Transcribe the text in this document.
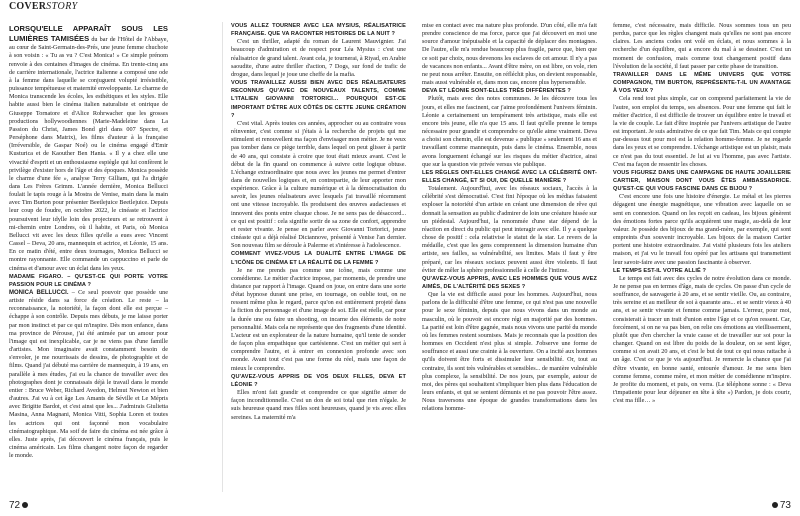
COVERSTORY

LORSQU'ELLE APPARAÎT SOUS LES LUMIÈRES TAMISÉES du bar de l'Hôtel de l'Abbaye, au cœur de Saint-Germain-des-Prés, une jeune femme chuchote à son voisin : « Tu as vu ? C'est Monica! » Ce simple prénom renvoie à des centaines d'images de cinéma. En trente-cinq ans de carrière internationale, l'actrice italienne a composé une ode à la femme dans laquelle se conjuguent volupté irrésistible, puissance tempétueuse et maternité enveloppante. Le charme de Monica transcende les écoles, les esthétiques et les styles. Elle habite aussi bien le cinéma italien naturaliste et onirique de Giuseppe Tornatore et d'Alice Rohrwacher que les grosses productions hollywoodiennes (Marie-Madeleine dans La Passion du Christ, James Bond girl dans 007 Spectre, et Perséphone dans Matrix), les films d'auteur à la française (Irréversible, de Gaspar Noé) ou le cinéma engagé d'Emir Kusturica et de Kaouther Ben Hania. « Il y a chez elle une vivacité d'esprit et un enthousiasme espiègle qui lui confèrent le privilège d'exister hors de l'âge et des époques. Monica possède le charme d'une fée », analyse Terry Gilliam, qui l'a dirigée dans Les Frères Grimm. L'année dernière, Monica Bellucci foulait le tapis rouge à la Mostra de Venise, main dans la main avec Tim Burton pour présenter Beetlejuice Beetlejuice. Depuis leur coup de foudre, en octobre 2022, le cinéaste et l'actrice poursuivent leur idylle loin des projecteurs et se retrouvent à mi-chemin entre Londres, où il habite, et Paris, où Monica Bellucci vit avec les deux filles qu'elle a eues avec Vincent Cassel – Deva, 20 ans, mannequin et actrice, et Léonie, 15 ans. En ce matin d'été, entre deux tournages, Monica Bellucci se montre rayonnante. Elle commande un cappuccino et parle de cinéma et d'amour avec un éclat dans les yeux.

MADAME FIGARO. – QU'EST-CE QUI PORTE VOTRE PASSION POUR LE CINÉMA ?

MONICA BELLUCCI. – Ce seul pouvoir que possède une artiste réside dans sa force de création. Le reste – la reconnaissance, la notoriété, la façon dont elle est perçue – échappe à son contrôle. Depuis mes débuts, je me laisse porter par mon instinct et par ce qui m'inspire. Dès mon enfance, dans ma province de Pérouse, j'ai été animée par un amour pour l'image qui est inexplicable, car je ne viens pas d'une famille d'artistes. Mon imaginaire avait constamment besoin de s'envoler, je me nourrissais de dessins, de photographie et de films. Quand j'ai débuté ma carrière de mannequin, à 19 ans, en parallèle à mes études, j'ai eu la chance de travailler avec des photographes dont je connaissais déjà le travail dans le monde entier : Bruce Weber, Richard Avedon, Helmut Newton et bien d'autres. J'ai vu à cet âge Les Amants de Séville et Le Mépris avec Brigitte Bardot, et c'est ainsi que les... J'admirais Giulietta Masina, Anna Magnani, Monica Vitti, Sophia Loren et toutes les actrices qui ont façonné mon vocabulaire cinématographique. Ma soif de faire du cinéma est née grâce à elles. Juste après, j'ai découvert le cinéma français, puis le cinéma américain. Les films changent notre façon de regarder le monde.

VOUS ALLEZ TOURNER AVEC LEA MYSIUS, RÉALISATRICE FRANÇAISE. QUE VA RACONTER HISTOIRES DE LA NUIT ?

C'est un thriller, adapté du roman de Laurent Mauvignier. J'ai beaucoup d'admiration et de respect pour Léa Mysius : c'est une réalisatrice de grand talent. Avant cela, je tournerai, à Riyad, en Arabie saoudite, d'une autre thriller d'action, 7 Dogs, sur fond de trafic de drogue, dans lequel je joue une cheffe de la mafia.

VOUS TRAVAILLEZ AUSSI BIEN AVEC DES RÉALISATEURS RECONNUS QU'AVEC DE NOUVEAUX TALENTS, COMME L'ITALIEN GIOVANNI TORTORICI… POURQUOI EST-CE IMPORTANT D'ÊTRE AUX CÔTÉS DE CETTE JEUNE CRÉATION ?

C'est vital. Après toutes ces années, approcher ou au contraire vous réinventer, c'est comme si j'étais à la recherche de projets qui me stimulent et renouvellent ma façon d'envisager mon métier. Je ne veux pas tomber dans ce piège terrible, dans lequel on peut glisser à partir de 40 ans, qui consiste à croire que tout était mieux avant. C'est le début de la fin quand on commence à suivre cette logique obtuse. L'échange extraordinaire que nous avec les jeunes me permet d'entrer dans de nouvelles logiques et, en contrepartie, de leur apporter mon expérience. Grâce à la culture numérique et à la démocratisation du savoir, les jeunes réalisateurs avec lesquels j'ai travaillé récemment ont une vitesse incroyable. Ils produisent des œuvres audacieuses et innovent des ponts entre chaque chose. Je ne sens pas de désaccord... ce qui est positif : cela signifie sortir de sa zone de confort, apprendre et rester vivante. Je pense en parler avec Giovanni Tortorici, jeune cinéaste qui a déjà réalisé Diciannove, présenté à Venise l'an dernier. Son nouveau film se déroule à Palerme et s'intéresse à l'adolescence.

COMMENT VIVEZ-VOUS LA DUALITÉ ENTRE L'IMAGE DE L'ICÔNE DE CINÉMA ET LA RÉALITÉ DE LA FEMME ?

Je ne me prends pas comme une icône, mais comme une comédienne. Le métier d'actrice impose, par moments, de prendre une distance par rapport à l'image. Quand on joue, on entre dans une sorte d'état hypnose durant une prise, en tournage, on oublie tout, on ne ressent même plus le regard, parce qu'on est entièrement projeté dans la fiction du personnage et d'une image de soi. Elle est réelle, car pour la durée une ou faire un shooting, on incarne des éléments de notre personnalité. Mais cela ne représente que des fragments d'une identité. L'acteur est un explorateur de la nature humaine, qu'il tente de sonder de façon plus empathique que cartésienne. C'est un métier qui sert à comprendre l'autre, et à entrer en connexion profonde avec son monde. Avant tout c'est pas une forme du réel, mais une façon de mieux le comprendre.

QU'AVEZ-VOUS APPRIS DE VOS DEUX FILLES, DEVA ET LÉONIE ?

Elles m'ont fait grandir et comprendre ce que signifie aimer de façon inconditionnelle. C'est un don de soi total que rien n'égale. Je suis heureuse quand mes filles sont heureuses, quand je vis avec elles sereines. La maternité m'a

mise en contact avec ma nature plus profonde. D'un côté, elle m'a fait prendre conscience de ma force, parce que j'ai découvert en moi une source d'amour inépuisable et la capacité de déplacer des montagnes. De l'autre, elle m'a rendue beaucoup plus fragile, parce que, bien que ce soit par choix, nous devenons les esclaves de cet amour. Il n'y a pas de vacances non enfants... Avant d'être mère, on est libre, on vole, rien ne peut nous arrêter. Ensuite, on réfléchit plus, on devient responsable, mais aussi vulnérable et, dans mon cas, encore plus hypersensible.

DEVA ET LÉONIE SONT-ELLES TRÈS DIFFÉRENTES ?

Plutôt, mais avec des notes communes. Je les découvre tous les jours, et elles me fascinent, car j'aime profondément l'univers féminin. Léonie a certainement un tempérament très artistique, mais elle est encore très jeune, elle n'a que 15 ans. Il faut qu'elle prenne le temps nécessaire pour grandir et comprendre ce qu'elle aime vraiment. Deva a choisi son chemin, elle est devenue « publique » seulement 16 ans et travaillant comme mannequin, puis dans le cinéma. Ensemble, nous avons longuement échangé sur les risques du métier d'actrice, ainsi que sur la question vie privée versus vie publique.

LES RÈGLES ONT-ELLES CHANGÉ AVEC LA CÉLÉBRITÉ ONT-ELLES CHANGÉ, ET SI OUI, DE QUELLE MANIÈRE ?

Totalement. Aujourd'hui, avec les réseaux sociaux, l'accès à la célébrité s'est démocratisé. C'est fini l'époque où les médias faisaient exploser la notoriété d'un artiste en créant une dimension de rêve qui donnait la sensation au public d'admirer de loin une créature hissée sur un piédestal. Aujourd'hui, la renommée d'une star dépend de la réaction en direct du public qui peut interagir avec elle. Il y a quelque chose de positif : cela relativise le statut de la star. Le revers de la médaille, c'est que les gens comprennent la dimension humaine d'un artiste, ses failles, sa vulnérabilité, ses limites. Mais il faut y être préparé, car les réseaux sociaux peuvent aussi être violents. Il faut éviter de mêler la sphère professionnelle à celle de l'intime.

QU'AVEZ-VOUS APPRIS, AVEC LES HOMMES QUE VOUS AVEZ AIMÉS, DE L'ALTÉRITÉ DES SEXES ?

Que la vie est difficile aussi pour les hommes. Aujourd'hui, nous parlons de la difficulté d'être une femme, ce qui n'est pas une nouvelle pour le sexe féminin, depuis que nous vivons dans un monde au masculin, où le pouvoir est encore régi en majorité par des hommes. La parité est loin d'être gagnée, mais nous vivons une parité du monde où les femmes restent soumises. Mais je reconnais que la position des hommes en Occident n'est plus si simple. J'observe une forme de souffrance et aussi une crainte à la ouverture. On a incité aux hommes qu'ils doivent être forts et dissimuler leur sensibilité. Or, tout au contraire, ils sont très vulnérables et sensibles... de manière vulnérable plus complexe, la sensibilité. De nos jours, par exemple, autour de moi, des pères qui souhaitent s'impliquer bien plus dans l'éducation de leurs enfants, et qui se sentent démunis et ne pas pouvoir l'être assez. Nous traversons une époque de grandes transformations dans les relations homme-

femme, c'est nécessaire, mais difficile. Nous sommes tous un peu perdus, parce que les règles changent mais qu'elles ne sont pas encore claires. Les anciens codes ont volé en éclats, et nous sommes à la recherche d'un équilibre, qui a encore du mal à se dessiner. C'est un moment de confusion, mais comme tout changement positif dans l'évolution de la société, il faut passer par cette phase de transition.

TRAVAILLER DANS LE MÊME UNIVERS QUE VOTRE COMPAGNON, TIM BURTON, REPRÉSENTE-T-IL UN AVANTAGE À VOS YEUX ?

Cela rend tout plus simple, car on comprend parfaitement la vie de l'autre, son emploi du temps, ses absences. Pour une femme qui fait le métier d'actrice, il est difficile de trouver un équilibre entre le travail et la vie de couple. Le fait d'être inspirée par l'univers artistique de l'autre est important. Je suis admirative de ce que fait Tim. Mais ce qui compte par-dessus tout pour moi est la relation homme-femme. Je ne regarde dans les yeux et se comprendre. L'échange artistique est un plaisir, mais ce n'est pas du tout essentiel. Je lui ai vu l'homme, pas avec l'artiste. C'est ma façon de ressentir les choses.

VOUS FIGUREZ DANS UNE CAMPAGNE DE HAUTE JOAILLERIE CARTIER, MAISON DONT VOUS ÊTES AMBASSADRICE. QU'EST-CE QUI VOUS FASCINE DANS CE BIJOU ?

C'est encore une fois une histoire d'énergie. Le métal et les pierres dégagent une énergie magnétique, une vibration avec laquelle on se sent en connexion. Quand on les reçoit en cadeau, les bijoux génèrent des émotions fortes parce qu'ils acquièrent une magie, au-delà de leur valeur. Je possède des bijoux de ma grand-mère, par exemple, qui sont empreints d'un souvenir incroyable. Les bijoux de la maison Cartier portent une histoire extraordinaire. J'ai visité plusieurs fois les ateliers maison, et j'ai vu le travail fou opéré par les artisans qui transmettent leur savoir-faire avec une passion fascinante à observer.

LE TEMPS EST-IL VOTRE ALLIÉ ?

Le temps est fait avec des cycles de notre évolution dans ce monde. Je ne pense pas en termes d'âge, mais de cycles. On passe d'un cycle de souffrance, de sauvagerie à 20 ans, et se sentir vieille. Ou, au contraire, très sereine et au meilleur de soi à quarante ans... et se sentir vieux à 40 ans, et se sentir vivante et femme comme jamais. L'erreur, pour moi, consisterait à tracer un trait d'union entre l'âge et ce qu'on ressent. Car, forcément, si on ne va pas bien, on relie ces émotions au vieillissement, plutôt que d'en chercher la vraie cause et de travailler sur soi pour la changer. Quand on est libre du poids de la douleur, on se sent léger, comme si on avait 20 ans, et c'est le but de tout ce qui nous rattache à un âge. C'est ce que je vis aujourd'hui. Je remercie la chance que j'ai d'être vivante, en bonne santé, entourée d'amour. Je me sens bien comme femme, comme mère, et mon métier de comédienne m'inspire. Je profite du moment, et puis, on verra. (Le téléphone sonne : « Deva t'impatiente pour leur déjeuner en tête à tête ») Pardon, je dois courir, c'est ma fille… »

72	73
